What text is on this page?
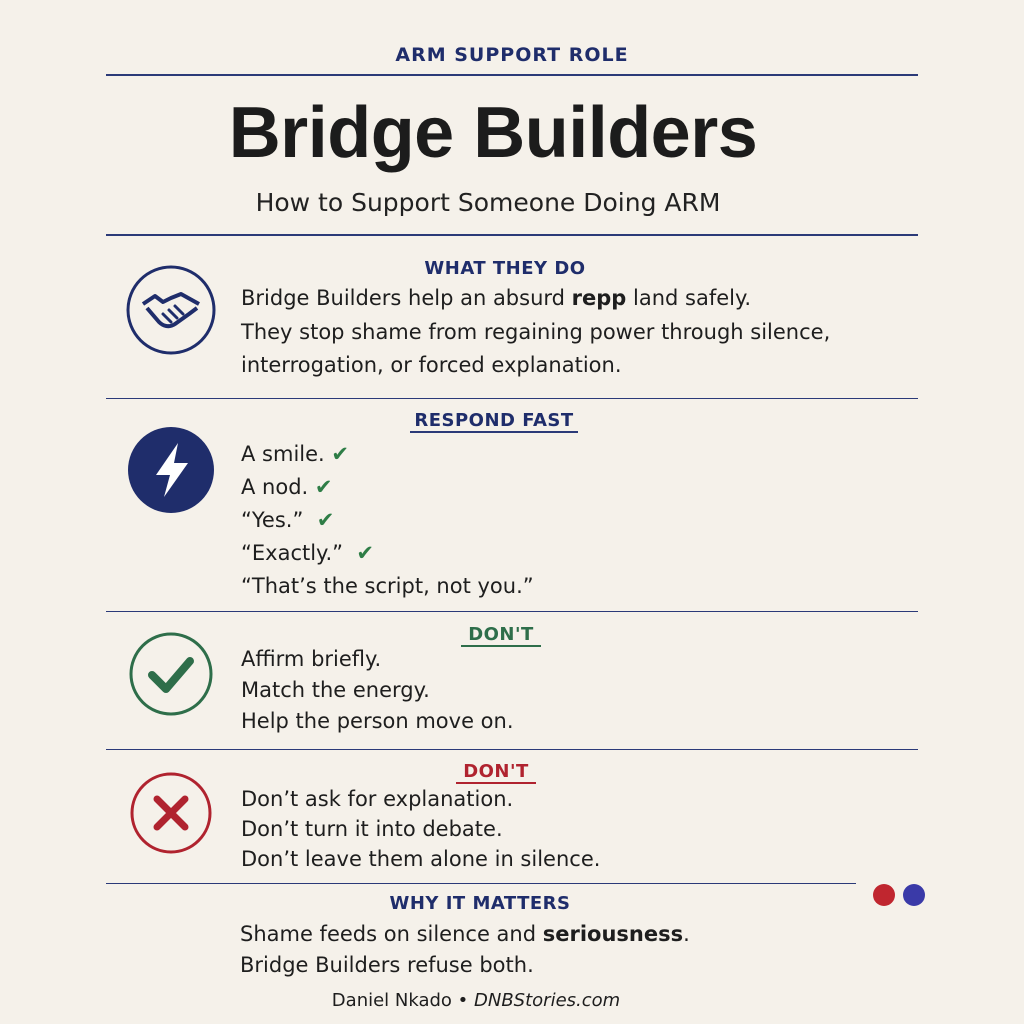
ARM SUPPORT ROLE
Bridge Builders
How to Support Someone Doing ARM
WHAT THEY DO
Bridge Builders help an absurd repp land safely.
They stop shame from regaining power through silence,
interrogation, or forced explanation.
RESPOND FAST
A smile. ✔
A nod. ✔
“Yes.” ✔
“Exactly.” ✔
“That’s the script, not you.”
DON'T
Affirm briefly.
Match the energy.
Help the person move on.
DON'T
Don’t ask for explanation.
Don’t turn it into debate.
Don’t leave them alone in silence.
WHY IT MATTERS
Shame feeds on silence and seriousness.
Bridge Builders refuse both.
Daniel Nkado • DNBStories.com
